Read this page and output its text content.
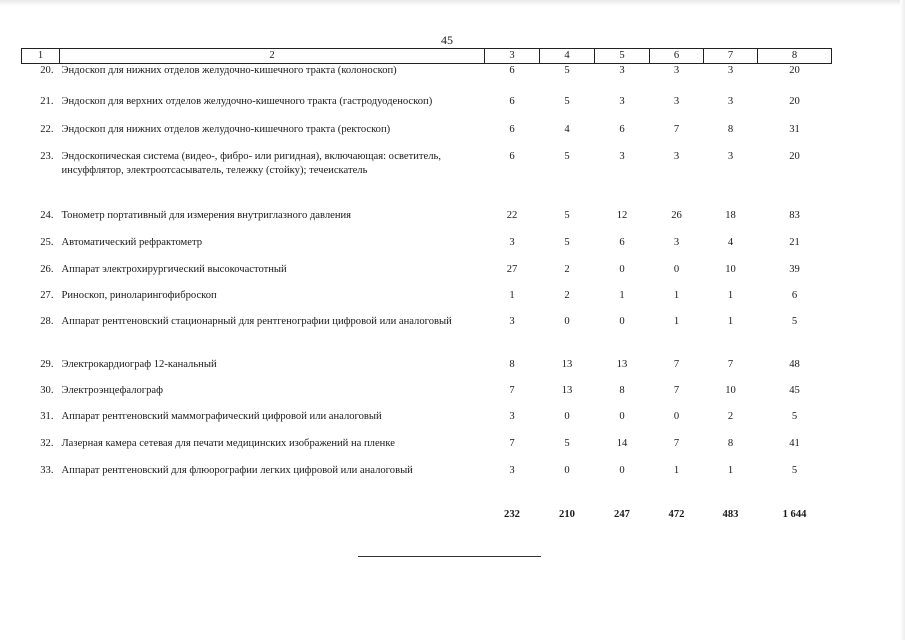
45
1	2	3	4	5	6	7	8
20.	Эндоскоп для нижних отделов желудочно-кишечного тракта (колоноскоп)	6	5	3	3	3	20
21.	Эндоскоп для верхних отделов желудочно-кишечного тракта (гастродуоденоскоп)	6	5	3	3	3	20
22.	Эндоскоп для нижних отделов желудочно-кишечного тракта (ректоскоп)	6	4	6	7	8	31
23.	Эндоскопическая система (видео-, фибро- или ригидная), включающая: осветитель, инсуффлятор, электроотсасыватель, тележку (стойку); течеискатель	6	5	3	3	3	20
24.	Тонометр портативный для измерения внутриглазного давления	22	5	12	26	18	83
25.	Автоматический рефрактометр	3	5	6	3	4	21
26.	Аппарат электрохирургический высокочастотный	27	2	0	0	10	39
27.	Риноскоп, риноларингофиброскоп	1	2	1	1	1	6
28.	Аппарат рентгеновский стационарный для рентгенографии цифровой или аналоговый	3	0	0	1	1	5
29.	Электрокардиограф 12-канальный	8	13	13	7	7	48
30.	Электроэнцефалограф	7	13	8	7	10	45
31.	Аппарат рентгеновский маммографический цифровой или аналоговый	3	0	0	0	2	5
32.	Лазерная камера сетевая для печати медицинских изображений на пленке	7	5	14	7	8	41
33.	Аппарат рентгеновский для флюорографии легких цифровой или аналоговый	3	0	0	1	1	5
		232	210	247	472	483	1 644
